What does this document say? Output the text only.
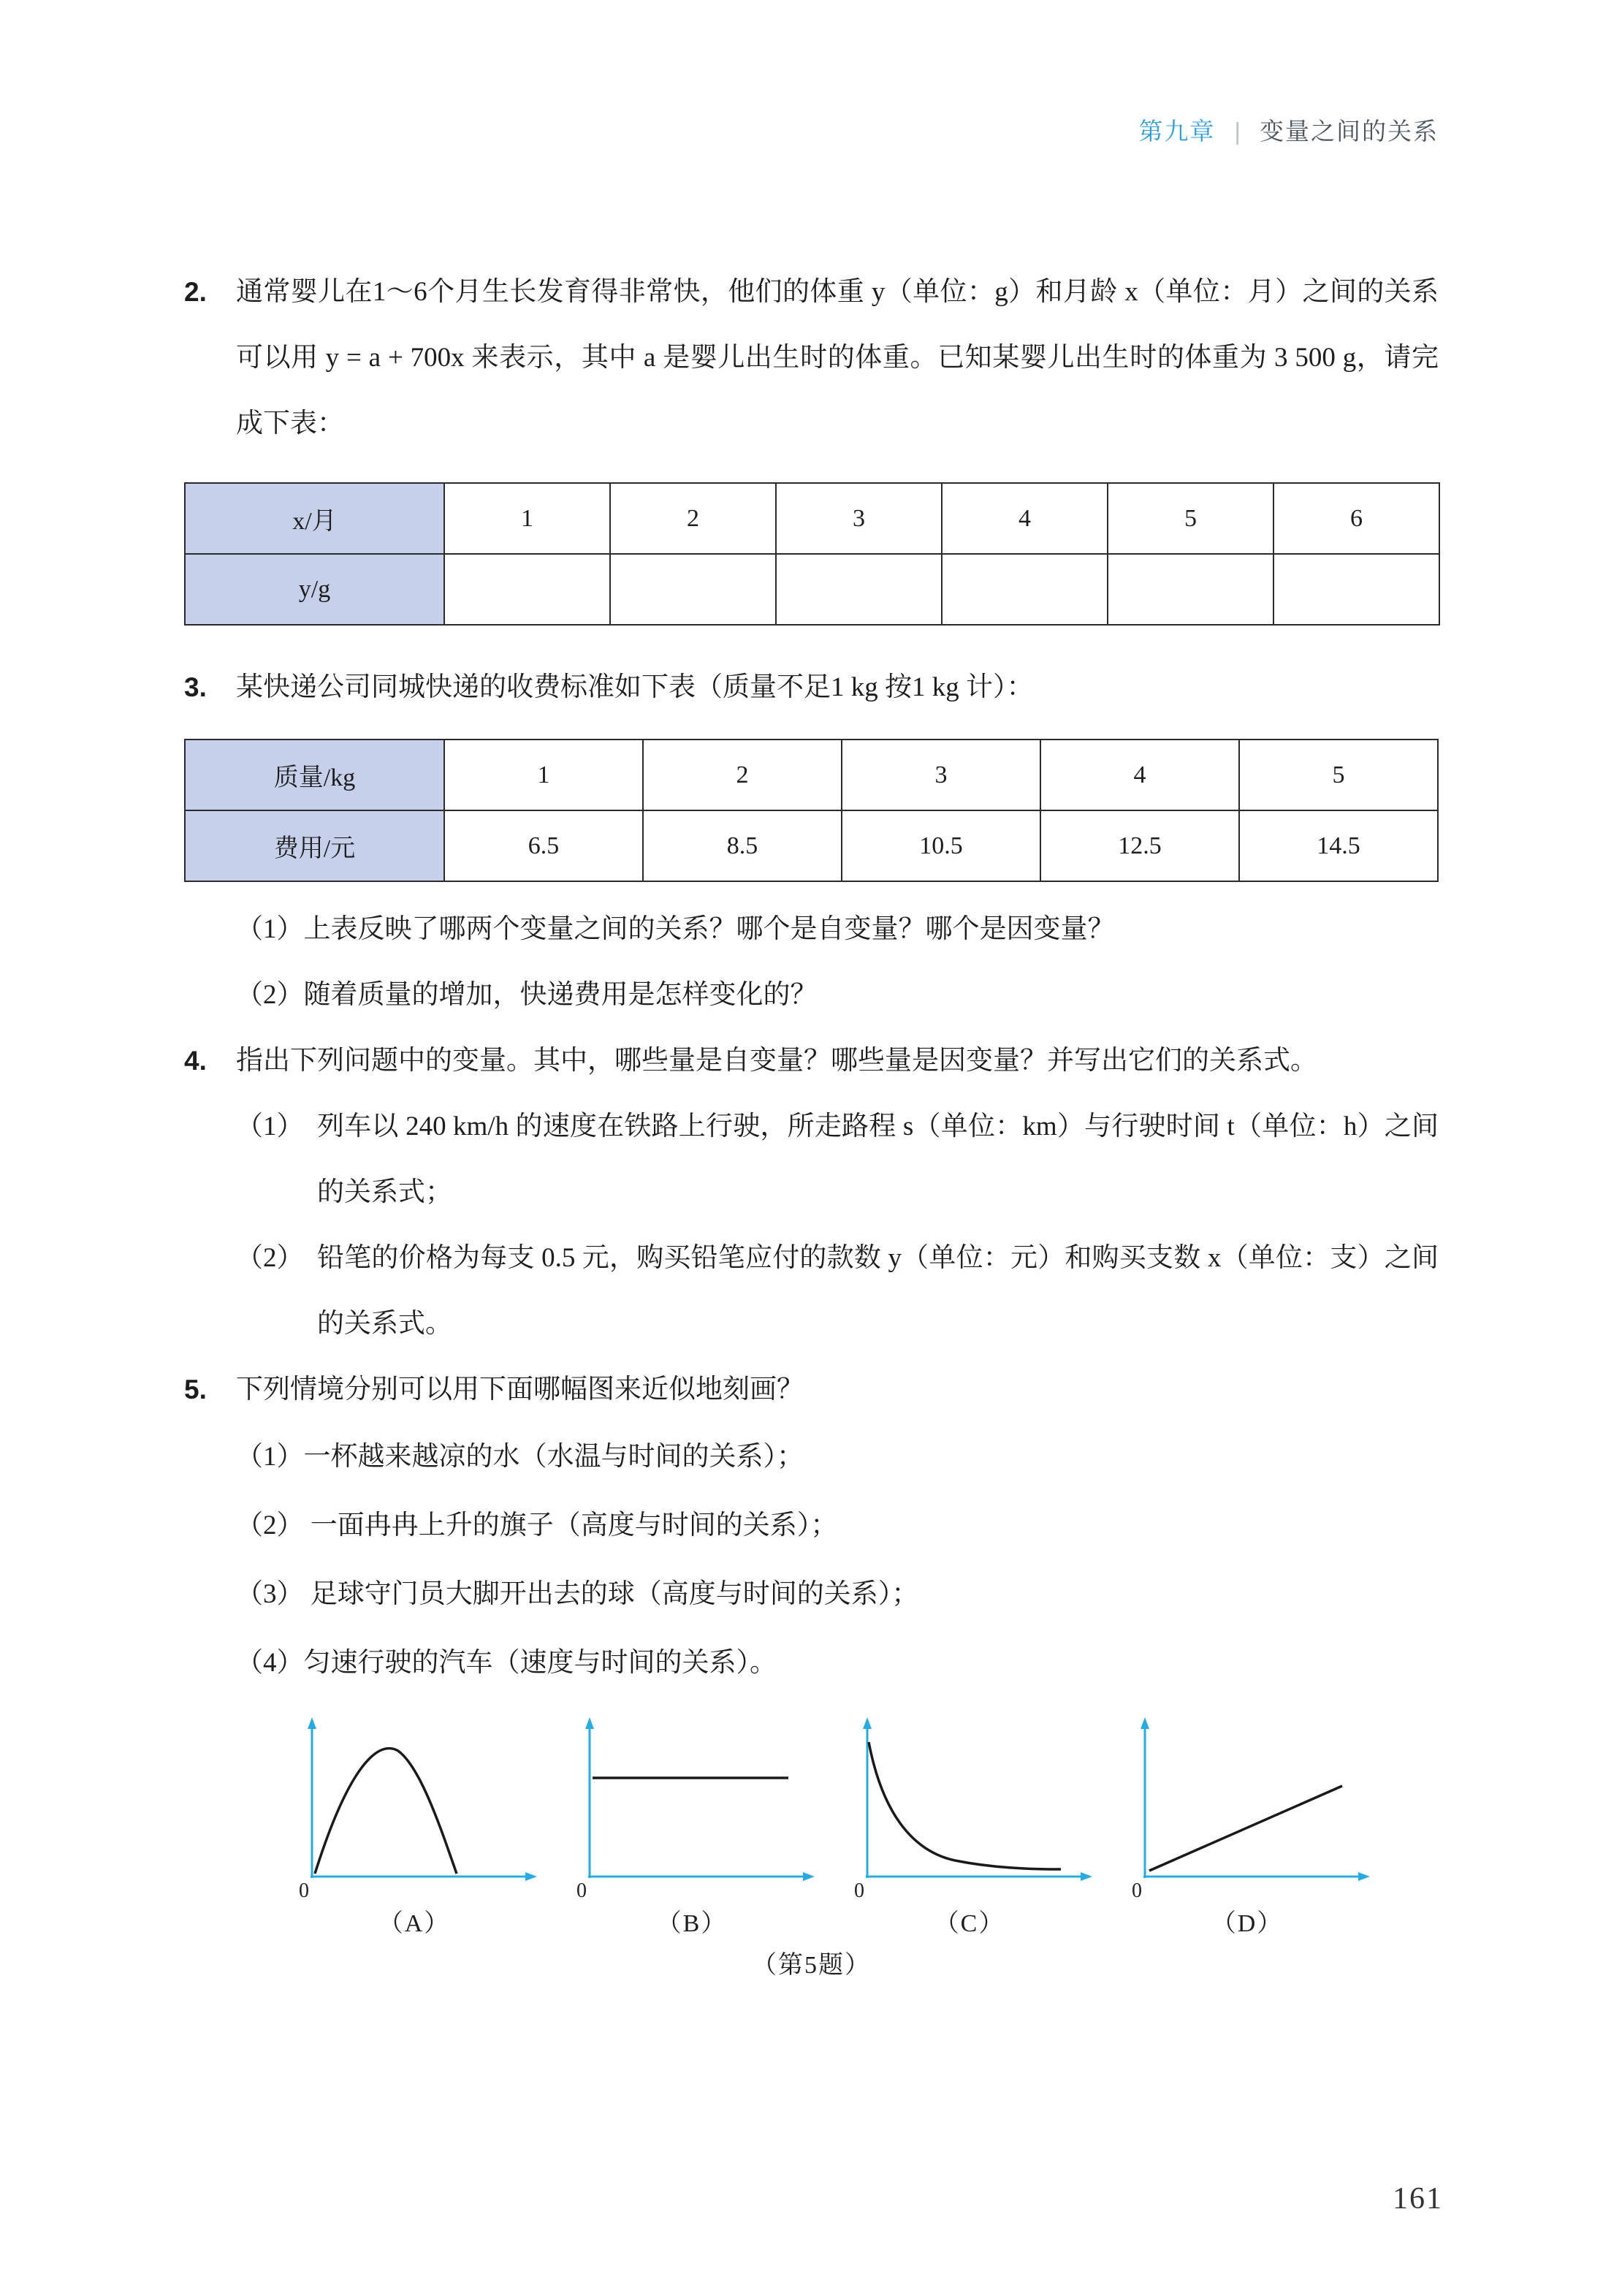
第九章 | 变量之间的关系
2.	通常婴儿在1～6个月生长发育得非常快，他们的体重 y（单位：g）和月龄 x（单位：月）之间的关系可以用 y = a + 700x 来表示，其中 a 是婴儿出生时的体重。已知某婴儿出生时的体重为 3 500 g，请完成下表：
x/月	1	2	3	4	5	6
y/g						
3.	某快递公司同城快递的收费标准如下表（质量不足1 kg 按1 kg 计）：
质量/kg	1	2	3	4	5
费用/元	6.5	8.5	10.5	12.5	14.5
（1）上表反映了哪两个变量之间的关系？哪个是自变量？哪个是因变量？
（2）随着质量的增加，快递费用是怎样变化的？
4.	指出下列问题中的变量。其中，哪些量是自变量？哪些量是因变量？并写出它们的关系式。
（1） 列车以 240 km/h 的速度在铁路上行驶，所走路程 s（单位：km）与行驶时间 t（单位：h）之间的关系式；
（2） 铅笔的价格为每支 0.5 元，购买铅笔应付的款数 y（单位：元）和购买支数 x（单位：支）之间的关系式。
5.	下列情境分别可以用下面哪幅图来近似地刻画？
（1）一杯越来越凉的水（水温与时间的关系）；
（2） 一面冉冉上升的旗子（高度与时间的关系）；
（3） 足球守门员大脚开出去的球（高度与时间的关系）；
（4）匀速行驶的汽车（速度与时间的关系）。
0
（A）
0
（B）
0
（C）
0
（D）
（第5题）
161
